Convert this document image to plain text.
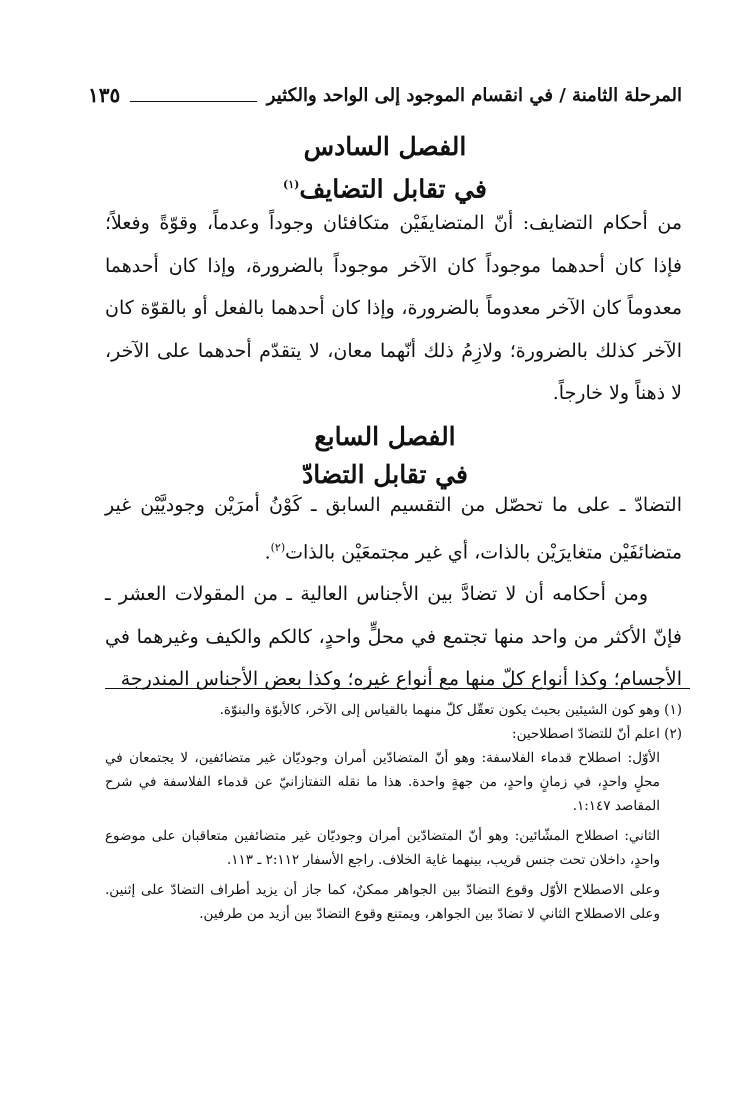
المرحلة الثامنة / في انقسام الموجود إلى الواحد والكثير
١٣٥
الفصل السادس
في تقابل التضايف$^{(١)}$

من أحكام التضايف: أنّ المتضايفَيْن متكافئان وجوداً وعدماً، وقوّةً وفعلاً؛ فإذا كان أحدهما موجوداً كان الآخر موجوداً بالضرورة، وإذا كان أحدهما معدوماً كان الآخر معدوماً بالضرورة، وإذا كان أحدهما بالفعل أو بالقوّة كان الآخر كذلك بالضرورة؛ ولازِمُ ذلك أنّهما معان، لا يتقدّم أحدهما على الآخر، لا ذهناً ولا خارجاً.

الفصل السابع
في تقابل التضادّ

التضادّ ـ على ما تحصّل من التقسيم السابق ـ كَوْنُ أمرَيْن وجوديَّيْن غير متضائفَيْن متغايرَيْن بالذات، أي غير مجتمعَيْن بالذات$^{(٢)}$.

ومن أحكامه أن لا تضادَّ بين الأجناس العالية ـ من المقولات العشر ـ فإنّ الأكثر من واحد منها تجتمع في محلٍّ واحدٍ، كالكم والكيف وغيرهما في الأجسام؛ وكذا أنواع كلّ منها مع أنواع غيره؛ وكذا بعض الأجناس المندرجة

(١) وهو كون الشيئين بحيث يكون تعقّل كلّ منهما بالقياس إلى الآخر، كالأبوّة والبنوّة.

(٢) اعلم أنّ للتضادّ اصطلاحين:

الأوّل: اصطلاح قدماء الفلاسفة: وهو أنّ المتضادّين أمران وجوديّان غير متضائفين، لا يجتمعان في محلٍ واحدٍ، في زمانٍ واحدٍ، من جهةٍ واحدة. هذا ما نقله التفتازانيّ عن قدماء الفلاسفة في شرح المقاصد ١:١٤٧.

الثاني: اصطلاح المشّائين: وهو أنّ المتضادّين أمران وجوديّان غير متضائفين متعاقبان على موضوع واحدٍ، داخلان تحت جنس قريب، بينهما غاية الخلاف. راجع الأسفار ٢:١١٢ ـ ١١٣.

وعلى الاصطلاح الأوّل وقوع التضادّ بين الجواهر ممكنٌ، كما جاز أن يزيد أطراف التضادّ على إثنين. وعلى الاصطلاح الثاني لا تضادّ بين الجواهر، ويمتنع وقوع التضادّ بين أزيد من طرفين.
